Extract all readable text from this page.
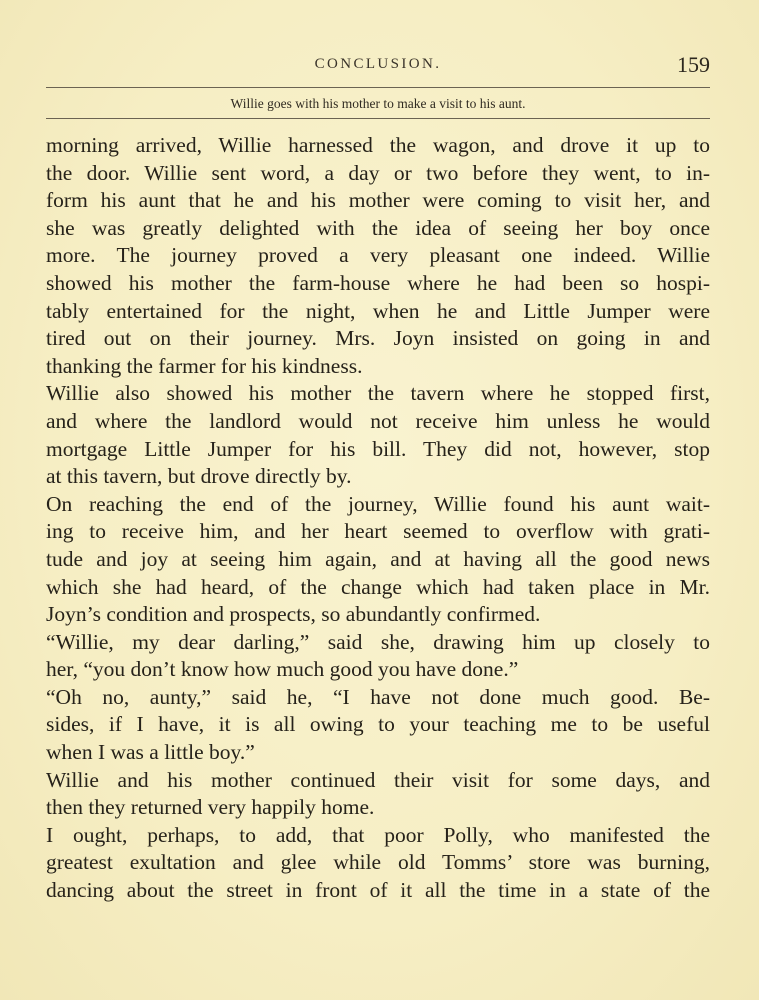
CONCLUSION.	159
Willie goes with his mother to make a visit to his aunt.
morning arrived, Willie harnessed the wagon, and drove it up to
the door. Willie sent word, a day or two before they went, to in-
form his aunt that he and his mother were coming to visit her, and
she was greatly delighted with the idea of seeing her boy once
more. The journey proved a very pleasant one indeed. Willie
showed his mother the farm-house where he had been so hospi-
tably entertained for the night, when he and Little Jumper were
tired out on their journey. Mrs. Joyn insisted on going in and
thanking the farmer for his kindness.
Willie also showed his mother the tavern where he stopped first,
and where the landlord would not receive him unless he would
mortgage Little Jumper for his bill. They did not, however, stop
at this tavern, but drove directly by.
On reaching the end of the journey, Willie found his aunt wait-
ing to receive him, and her heart seemed to overflow with grati-
tude and joy at seeing him again, and at having all the good news
which she had heard, of the change which had taken place in Mr.
Joyn’s condition and prospects, so abundantly confirmed.
“Willie, my dear darling,” said she, drawing him up closely to
her, “you don’t know how much good you have done.”
“Oh no, aunty,” said he, “I have not done much good. Be-
sides, if I have, it is all owing to your teaching me to be useful
when I was a little boy.”
Willie and his mother continued their visit for some days, and
then they returned very happily home.
I ought, perhaps, to add, that poor Polly, who manifested the
greatest exultation and glee while old Tomms’ store was burning,
dancing about the street in front of it all the time in a state of the
